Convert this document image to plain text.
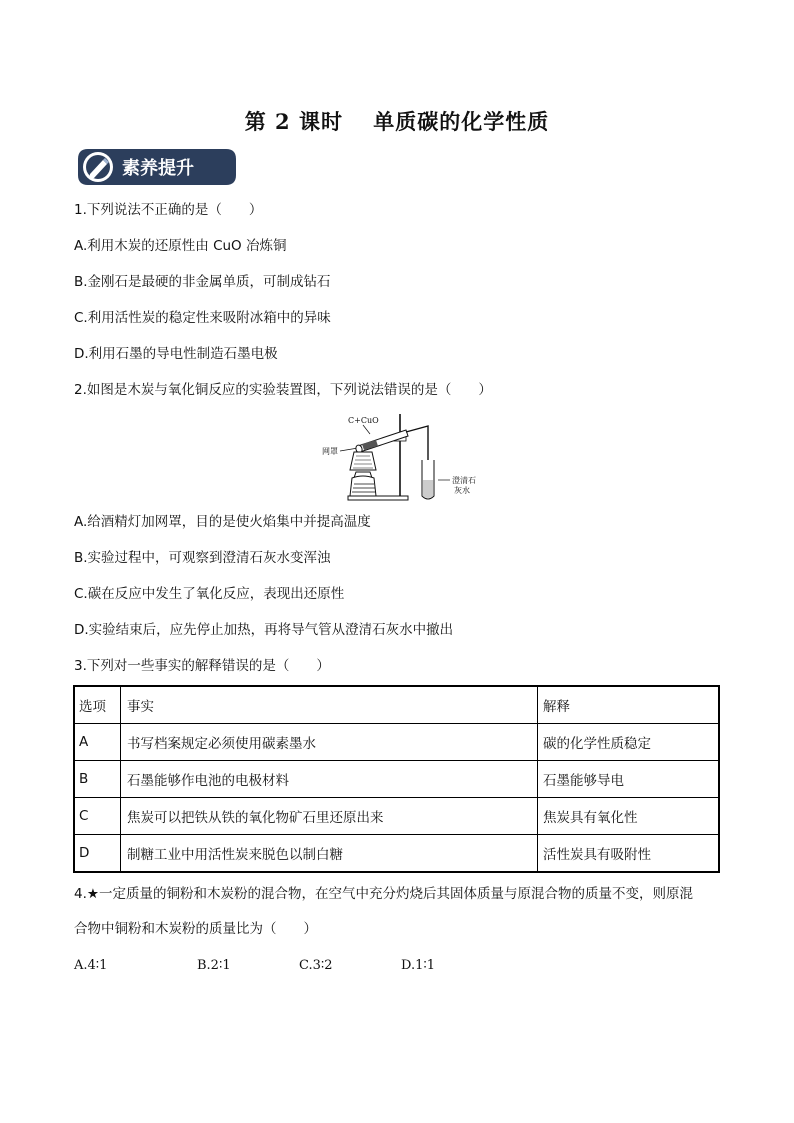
第 2 课时　 单质碳的化学性质
素养提升
1.下列说法不正确的是（　　）
A.利用木炭的还原性由 CuO 冶炼铜
B.金刚石是最硬的非金属单质，可制成钻石
C.利用活性炭的稳定性来吸附冰箱中的异味
D.利用石墨的导电性制造石墨电极
2.如图是木炭与氧化铜反应的实验装置图，下列说法错误的是（　　）
C+CuO
网罩
澄清石
灰水
A.给酒精灯加网罩，目的是使火焰集中并提高温度
B.实验过程中，可观察到澄清石灰水变浑浊
C.碳在反应中发生了氧化反应，表现出还原性
D.实验结束后，应先停止加热，再将导气管从澄清石灰水中撤出
3.下列对一些事实的解释错误的是（　　）
选项	事实	解释
A	书写档案规定必须使用碳素墨水	碳的化学性质稳定
B	石墨能够作电池的电极材料	石墨能够导电
C	焦炭可以把铁从铁的氧化物矿石里还原出来	焦炭具有氧化性
D	制糖工业中用活性炭来脱色以制白糖	活性炭具有吸附性
4.★一定质量的铜粉和木炭粉的混合物，在空气中充分灼烧后其固体质量与原混合物的质量不变，则原混
合物中铜粉和木炭粉的质量比为（　　）
A.4∶1	B.2∶1	C.3∶2	D.1∶1
